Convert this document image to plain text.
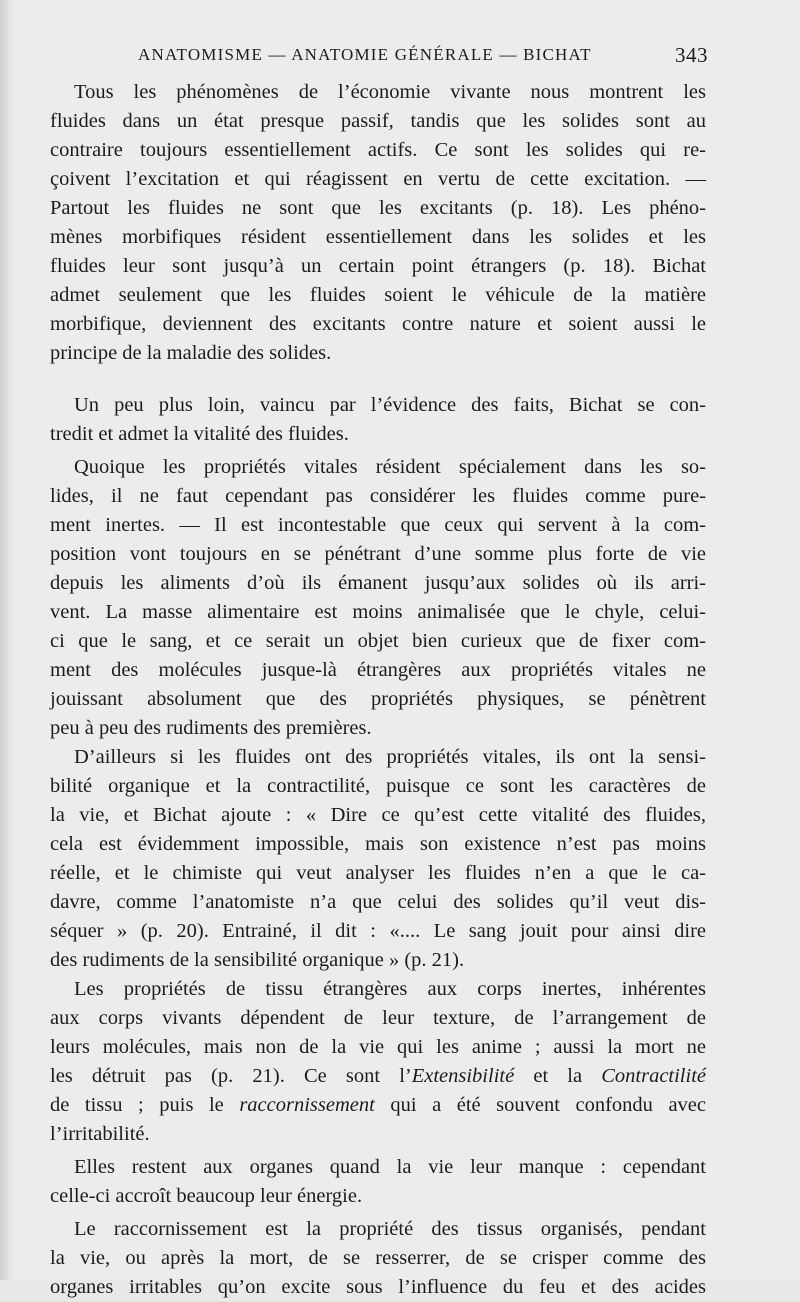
ANATOMISME — ANATOMIE GÉNÉRALE — BICHAT	343
Tous les phénomènes de l’économie vivante nous montrent les
fluides dans un état presque passif, tandis que les solides sont au
contraire toujours essentiellement actifs. Ce sont les solides qui re-
çoivent l’excitation et qui réagissent en vertu de cette excitation. —
Partout les fluides ne sont que les excitants (p. 18). Les phéno-
mènes morbifiques résident essentiellement dans les solides et les
fluides leur sont jusqu’à un certain point étrangers (p. 18). Bichat
admet seulement que les fluides soient le véhicule de la matière
morbifique, deviennent des excitants contre nature et soient aussi le
principe de la maladie des solides.
Un peu plus loin, vaincu par l’évidence des faits, Bichat se con-
tredit et admet la vitalité des fluides.
Quoique les propriétés vitales résident spécialement dans les so-
lides, il ne faut cependant pas considérer les fluides comme pure-
ment inertes. — Il est incontestable que ceux qui servent à la com-
position vont toujours en se pénétrant d’une somme plus forte de vie
depuis les aliments d’où ils émanent jusqu’aux solides où ils arri-
vent. La masse alimentaire est moins animalisée que le chyle, celui-
ci que le sang, et ce serait un objet bien curieux que de fixer com-
ment des molécules jusque-là étrangères aux propriétés vitales ne
jouissant absolument que des propriétés physiques, se pénètrent
peu à peu des rudiments des premières.
D’ailleurs si les fluides ont des propriétés vitales, ils ont la sensi-
bilité organique et la contractilité, puisque ce sont les caractères de
la vie, et Bichat ajoute : « Dire ce qu’est cette vitalité des fluides,
cela est évidemment impossible, mais son existence n’est pas moins
réelle, et le chimiste qui veut analyser les fluides n’en a que le ca-
davre, comme l’anatomiste n’a que celui des solides qu’il veut dis-
séquer » (p. 20). Entrainé, il dit : «.... Le sang jouit pour ainsi dire
des rudiments de la sensibilité organique » (p. 21).
Les propriétés de tissu étrangères aux corps inertes, inhérentes
aux corps vivants dépendent de leur texture, de l’arrangement de
leurs molécules, mais non de la vie qui les anime ; aussi la mort ne
les détruit pas (p. 21). Ce sont l’Extensibilité et la Contractilité
de tissu ; puis le raccornissement qui a été souvent confondu avec
l’irritabilité.
Elles restent aux organes quand la vie leur manque : cependant
celle-ci accroît beaucoup leur énergie.
Le raccornissement est la propriété des tissus organisés, pendant
la vie, ou après la mort, de se resserrer, de se crisper comme des
organes irritables qu’on excite sous l’influence du feu et des acides
